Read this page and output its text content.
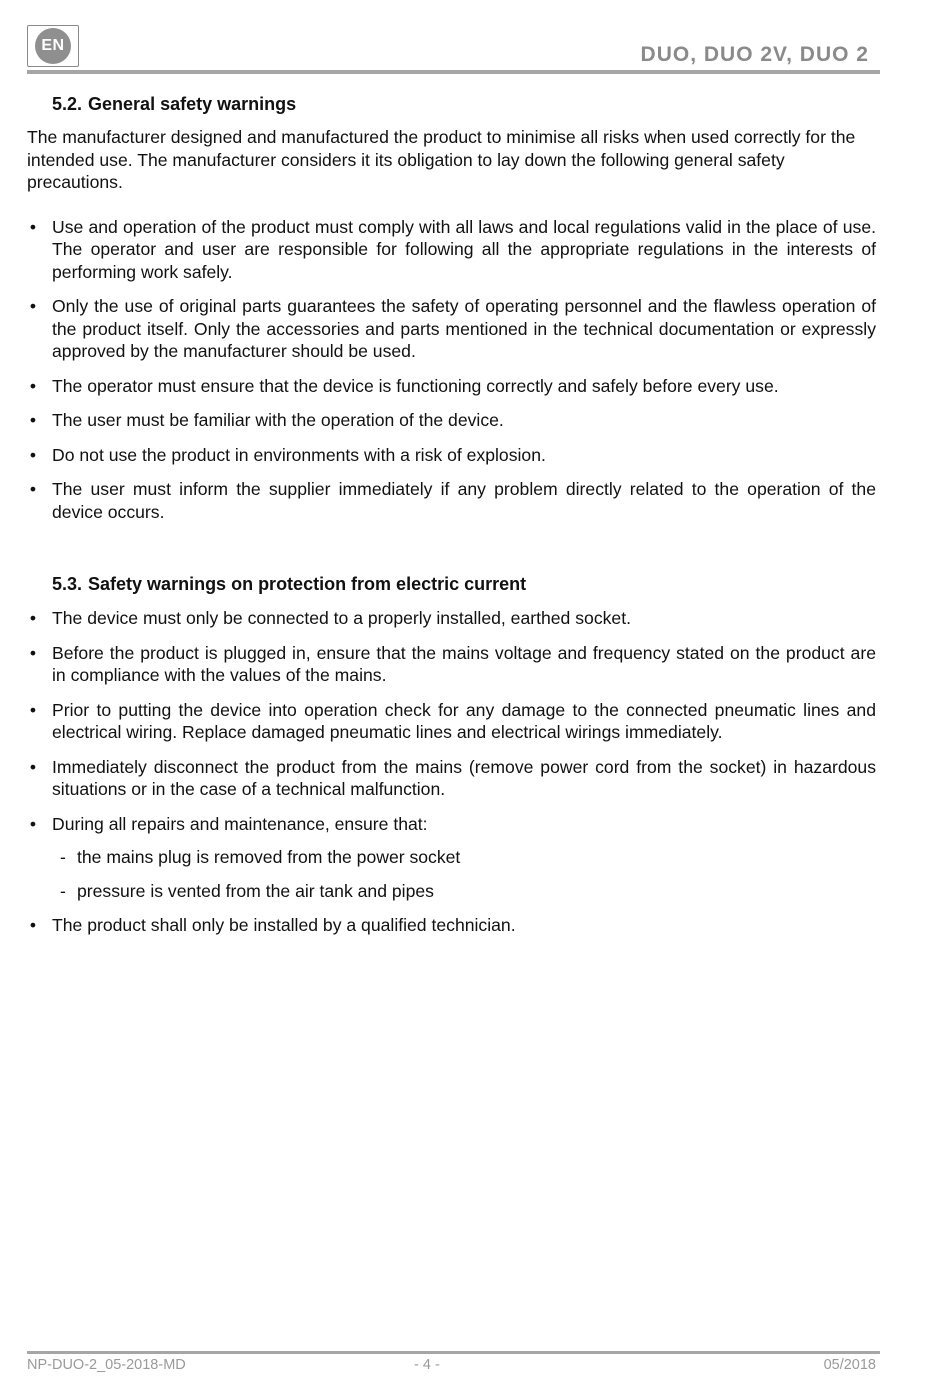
EN	DUO, DUO 2V, DUO 2
5.2. General safety warnings

The manufacturer designed and manufactured the product to minimise all risks when used correctly for the intended use. The manufacturer considers it its obligation to lay down the following general safety precautions.

• Use and operation of the product must comply with all laws and local regulations valid in the place of use. The operator and user are responsible for following all the appropriate regulations in the interests of performing work safely.
• Only the use of original parts guarantees the safety of operating personnel and the flawless operation of the product itself. Only the accessories and parts mentioned in the technical documentation or expressly approved by the manufacturer should be used.
• The operator must ensure that the device is functioning correctly and safely before every use.
• The user must be familiar with the operation of the device.
• Do not use the product in environments with a risk of explosion.
• The user must inform the supplier immediately if any problem directly related to the operation of the device occurs.
5.3. Safety warnings on protection from electric current
• The device must only be connected to a properly installed, earthed socket.
• Before the product is plugged in, ensure that the mains voltage and frequency stated on the product are in compliance with the values of the mains.
• Prior to putting the device into operation check for any damage to the connected pneumatic lines and electrical wiring. Replace damaged pneumatic lines and electrical wirings immediately.
• Immediately disconnect the product from the mains (remove power cord from the socket) in hazardous situations or in the case of a technical malfunction.
• During all repairs and maintenance, ensure that:
- the mains plug is removed from the power socket
- pressure is vented from the air tank and pipes
• The product shall only be installed by a qualified technician.
NP-DUO-2_05-2018-MD	- 4 -	05/2018
